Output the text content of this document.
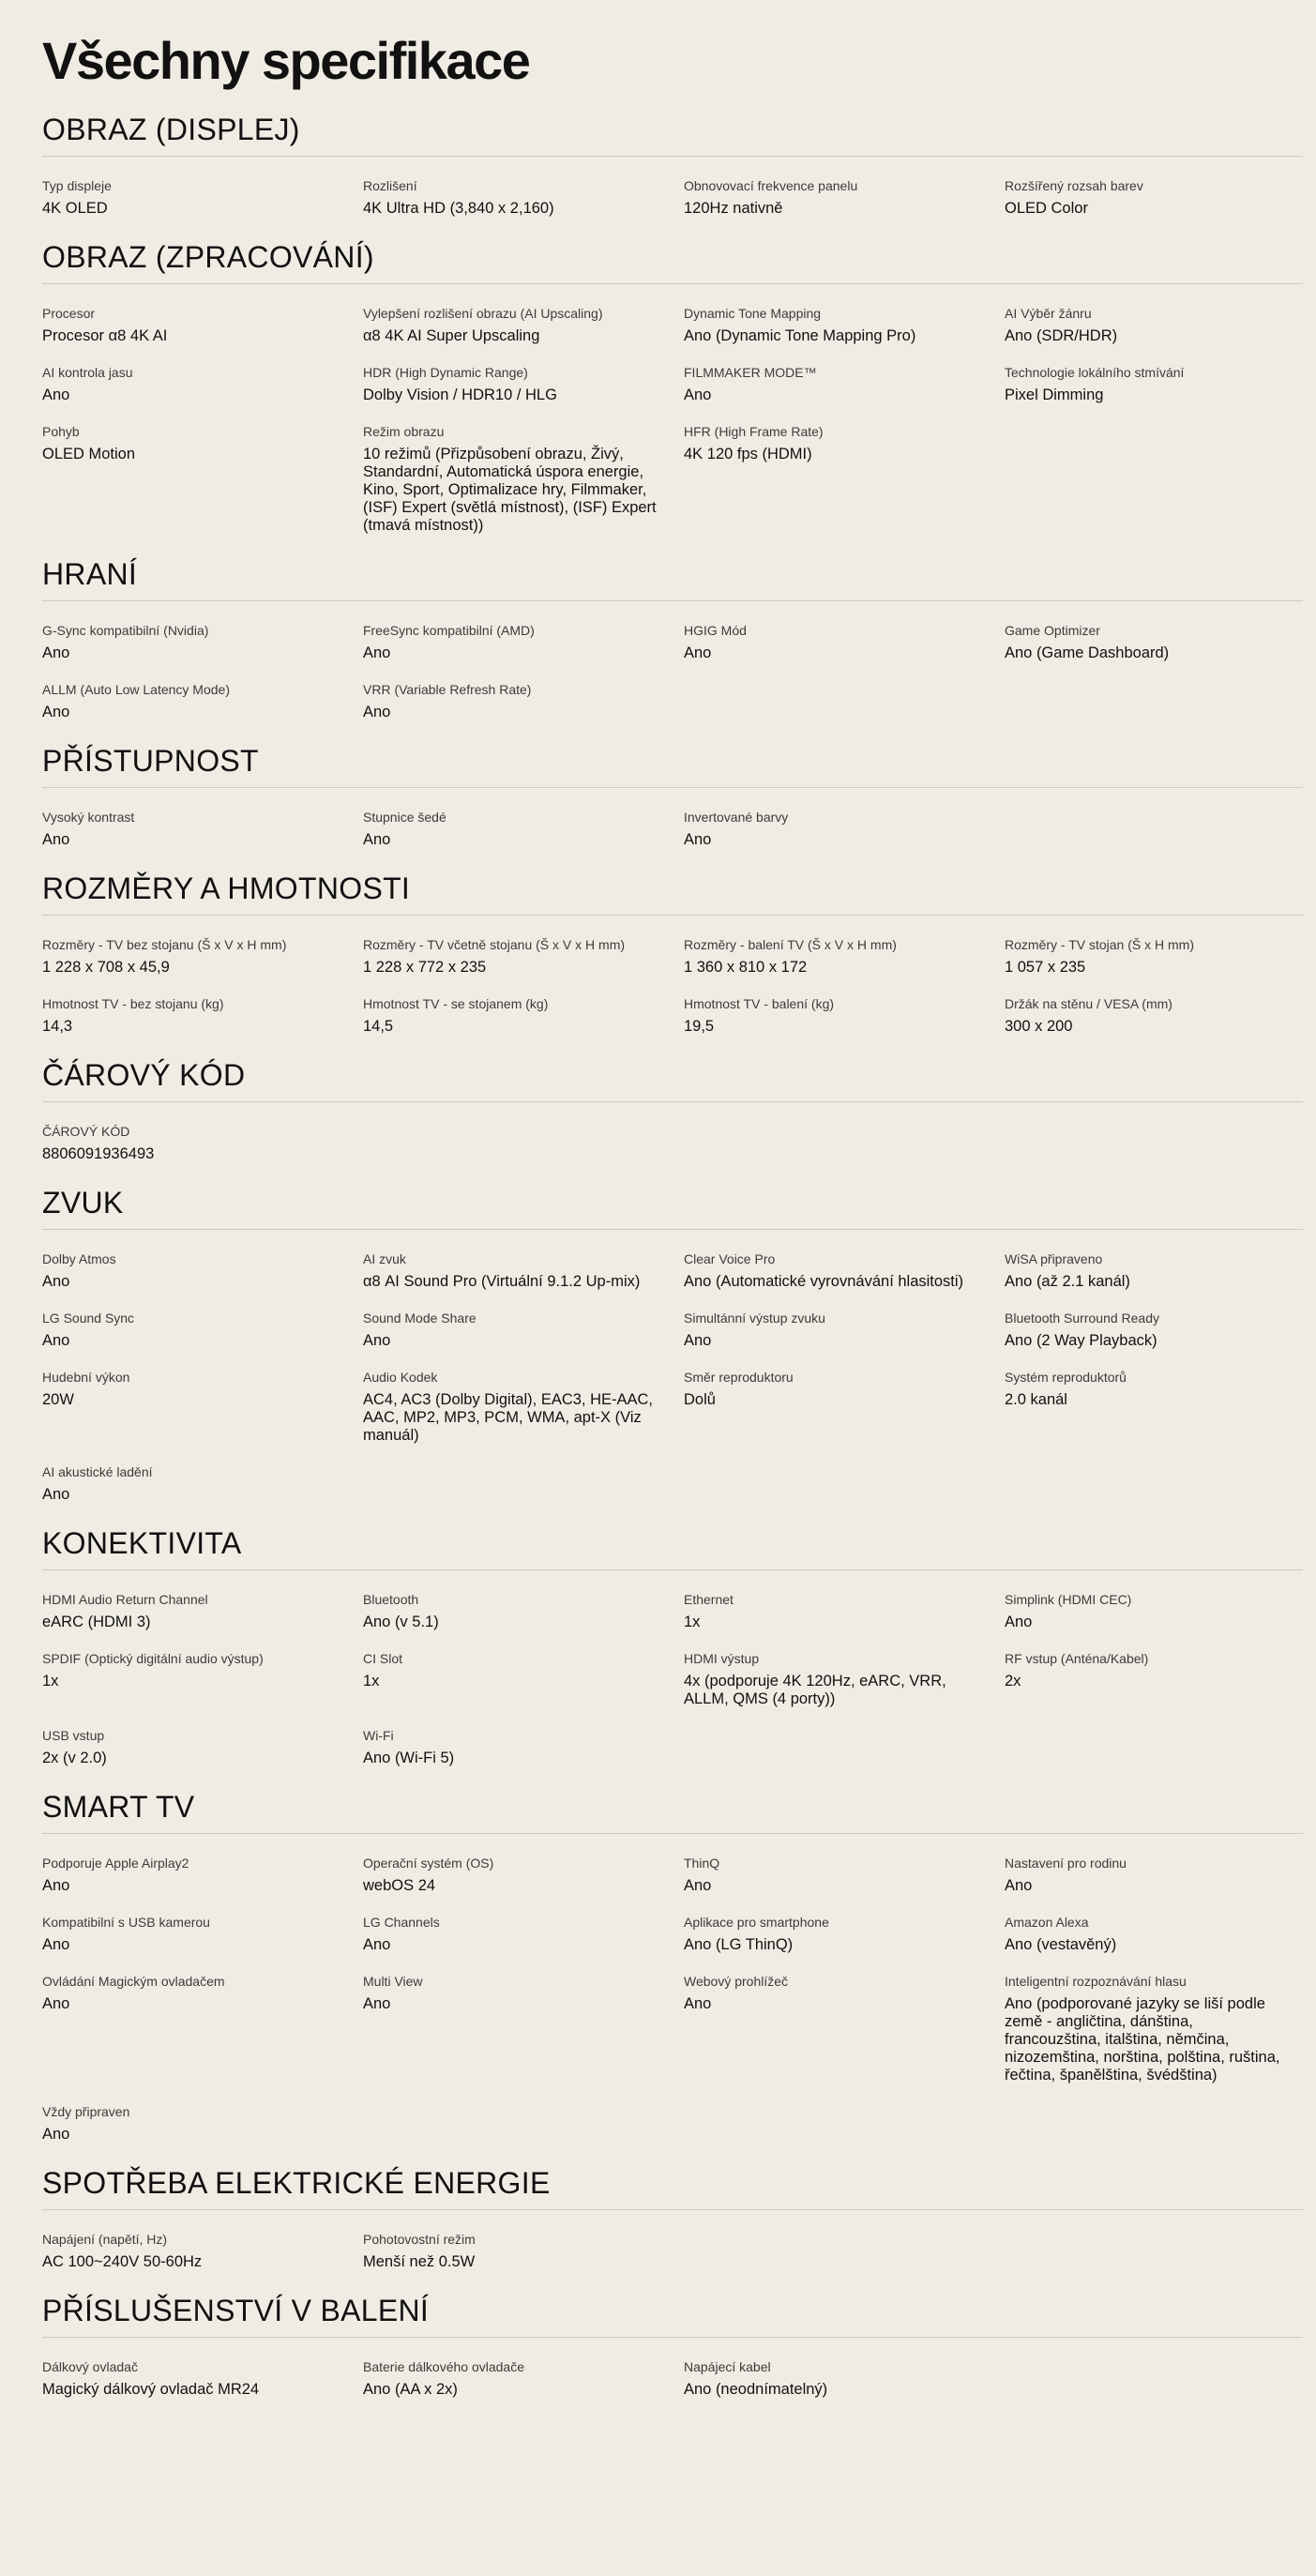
Všechny specifikace
OBRAZ (DISPLEJ)
Typ displeje
4K OLED
Rozlišení
4K Ultra HD (3,840 x 2,160)
Obnovovací frekvence panelu
120Hz nativně
Rozšířený rozsah barev
OLED Color
OBRAZ (ZPRACOVÁNÍ)
Procesor
Procesor α8 4K AI
Vylepšení rozlišení obrazu (AI Upscaling)
α8 4K AI Super Upscaling
Dynamic Tone Mapping
Ano (Dynamic Tone Mapping Pro)
AI Výběr žánru
Ano (SDR/HDR)
AI kontrola jasu
Ano
HDR (High Dynamic Range)
Dolby Vision / HDR10 / HLG
FILMMAKER MODE™
Ano
Technologie lokálního stmívání
Pixel Dimming
Pohyb
OLED Motion
Režim obrazu
10 režimů (Přizpůsobení obrazu, Živý, Standardní, Automatická úspora energie, Kino, Sport, Optimalizace hry, Filmmaker, (ISF) Expert (světlá místnost), (ISF) Expert (tmavá místnost))
HFR (High Frame Rate)
4K 120 fps (HDMI)
HRANÍ
G-Sync kompatibilní (Nvidia)
Ano
FreeSync kompatibilní (AMD)
Ano
HGIG Mód
Ano
Game Optimizer
Ano (Game Dashboard)
ALLM (Auto Low Latency Mode)
Ano
VRR (Variable Refresh Rate)
Ano
PŘÍSTUPNOST
Vysoký kontrast
Ano
Stupnice šedé
Ano
Invertované barvy
Ano
ROZMĚRY A HMOTNOSTI
Rozměry - TV bez stojanu (Š x V x H mm)
1 228 x 708 x 45,9
Rozměry - TV včetně stojanu (Š x V x H mm)
1 228 x 772 x 235
Rozměry - balení TV (Š x V x H mm)
1 360 x 810 x 172
Rozměry - TV stojan (Š x H mm)
1 057 x 235
Hmotnost TV - bez stojanu (kg)
14,3
Hmotnost TV - se stojanem (kg)
14,5
Hmotnost TV - balení (kg)
19,5
Držák na stěnu / VESA (mm)
300 x 200
ČÁROVÝ KÓD
ČÁROVÝ KÓD
8806091936493
ZVUK
Dolby Atmos
Ano
AI zvuk
α8 AI Sound Pro (Virtuální 9.1.2 Up-mix)
Clear Voice Pro
Ano (Automatické vyrovnávání hlasitosti)
WiSA připraveno
Ano (až 2.1 kanál)
LG Sound Sync
Ano
Sound Mode Share
Ano
Simultánní výstup zvuku
Ano
Bluetooth Surround Ready
Ano (2 Way Playback)
Hudební výkon
20W
Audio Kodek
AC4, AC3 (Dolby Digital), EAC3, HE-AAC, AAC, MP2, MP3, PCM, WMA, apt-X (Viz manuál)
Směr reproduktoru
Dolů
Systém reproduktorů
2.0 kanál
AI akustické ladění
Ano
KONEKTIVITA
HDMI Audio Return Channel
eARC (HDMI 3)
Bluetooth
Ano (v 5.1)
Ethernet
1x
Simplink (HDMI CEC)
Ano
SPDIF (Optický digitální audio výstup)
1x
CI Slot
1x
HDMI výstup
4x (podporuje 4K 120Hz, eARC, VRR, ALLM, QMS (4 porty))
RF vstup (Anténa/Kabel)
2x
USB vstup
2x (v 2.0)
Wi-Fi
Ano (Wi-Fi 5)
SMART TV
Podporuje Apple Airplay2
Ano
Operační systém (OS)
webOS 24
ThinQ
Ano
Nastavení pro rodinu
Ano
Kompatibilní s USB kamerou
Ano
LG Channels
Ano
Aplikace pro smartphone
Ano (LG ThinQ)
Amazon Alexa
Ano (vestavěný)
Ovládání Magickým ovladačem
Ano
Multi View
Ano
Webový prohlížeč
Ano
Inteligentní rozpoznávání hlasu
Ano (podporované jazyky se liší podle země - angličtina, dánština, francouzština, italština, němčina, nizozemština, norština, polština, ruština, řečtina, španělština, švédština)
Vždy připraven
Ano
SPOTŘEBA ELEKTRICKÉ ENERGIE
Napájení (napětí, Hz)
AC 100~240V 50-60Hz
Pohotovostní režim
Menší než 0.5W
PŘÍSLUŠENSTVÍ V BALENÍ
Dálkový ovladač
Magický dálkový ovladač MR24
Baterie dálkového ovladače
Ano (AA x 2x)
Napájecí kabel
Ano (neodnímatelný)
